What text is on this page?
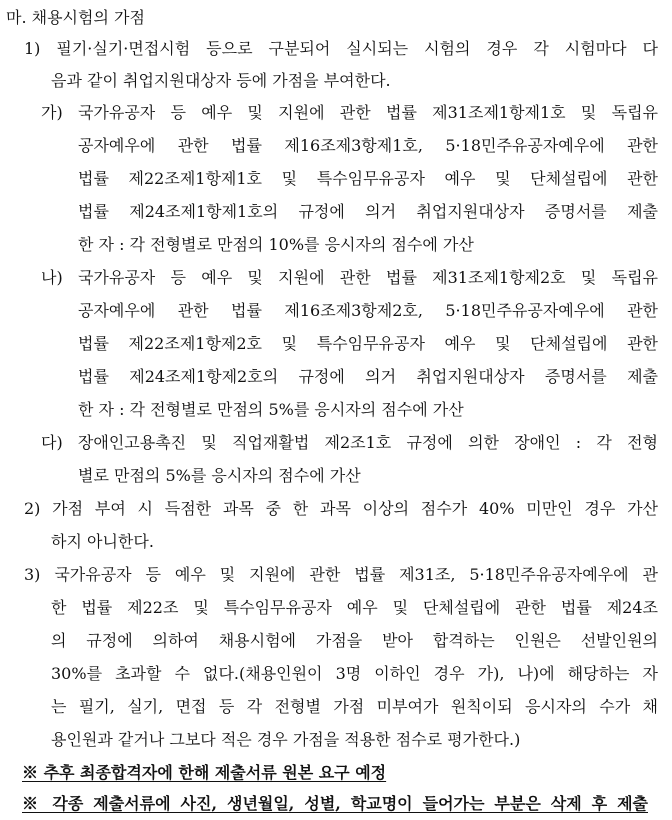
마. 채용시험의 가점
1) 필기·실기·면접시험 등으로 구분되어 실시되는 시험의 경우 각 시험마다 다
음과 같이 취업지원대상자 등에 가점을 부여한다.
가) 국가유공자 등 예우 및 지원에 관한 법률 제31조제1항제1호 및 독립유
공자예우에 관한 법률 제16조제3항제1호, 5·18민주유공자예우에 관한
법률 제22조제1항제1호 및 특수임무유공자 예우 및 단체설립에 관한
법률 제24조제1항제1호의 규정에 의거 취업지원대상자 증명서를 제출
한 자 : 각 전형별로 만점의 10%를 응시자의 점수에 가산
나) 국가유공자 등 예우 및 지원에 관한 법률 제31조제1항제2호 및 독립유
공자예우에 관한 법률 제16조제3항제2호, 5·18민주유공자예우에 관한
법률 제22조제1항제2호 및 특수임무유공자 예우 및 단체설립에 관한
법률 제24조제1항제2호의 규정에 의거 취업지원대상자 증명서를 제출
한 자 : 각 전형별로 만점의 5%를 응시자의 점수에 가산
다) 장애인고용촉진 및 직업재활법 제2조1호 규정에 의한 장애인 : 각 전형
별로 만점의 5%를 응시자의 점수에 가산
2) 가점 부여 시 득점한 과목 중 한 과목 이상의 점수가 40% 미만인 경우 가산
하지 아니한다.
3) 국가유공자 등 예우 및 지원에 관한 법률 제31조, 5·18민주유공자예우에 관
한 법률 제22조 및 특수임무유공자 예우 및 단체설립에 관한 법률 제24조
의 규정에 의하여 채용시험에 가점을 받아 합격하는 인원은 선발인원의
30%를 초과할 수 없다.(채용인원이 3명 이하인 경우 가), 나)에 해당하는 자
는 필기, 실기, 면접 등 각 전형별 가점 미부여가 원칙이되 응시자의 수가 채
용인원과 같거나 그보다 적은 경우 가점을 적용한 점수로 평가한다.)
※ 추후 최종합격자에 한해 제출서류 원본 요구 예정
※ 각종 제출서류에 사진, 생년월일, 성별, 학교명이 들어가는 부분은 삭제 후 제출
